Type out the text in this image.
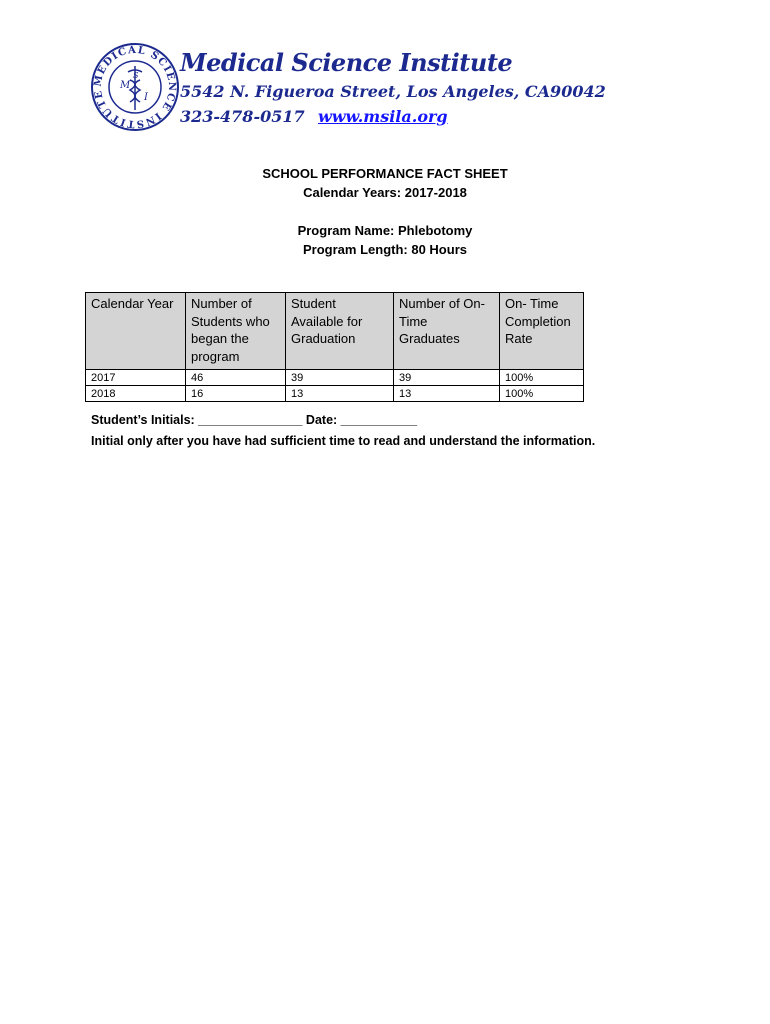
MEDICAL SCIENCE INSTITUTE
M
S
I
Medical Science Institute
5542 N. Figueroa Street, Los Angeles, CA90042
323-478-0517 www.msila.org
SCHOOL PERFORMANCE FACT SHEET
Calendar Years: 2017-2018
Program Name: Phlebotomy
Program Length: 80 Hours
Calendar Year	Number of
Students who
began the
program	Student
Available for
Graduation	Number of On-
Time
Graduates	On- Time
Completion
Rate
2017	46	39	39	100%
2018	16	13	13	100%
Student’s Initials: _______________ Date: ___________
Initial only after you have had sufficient time to read and understand the information.
